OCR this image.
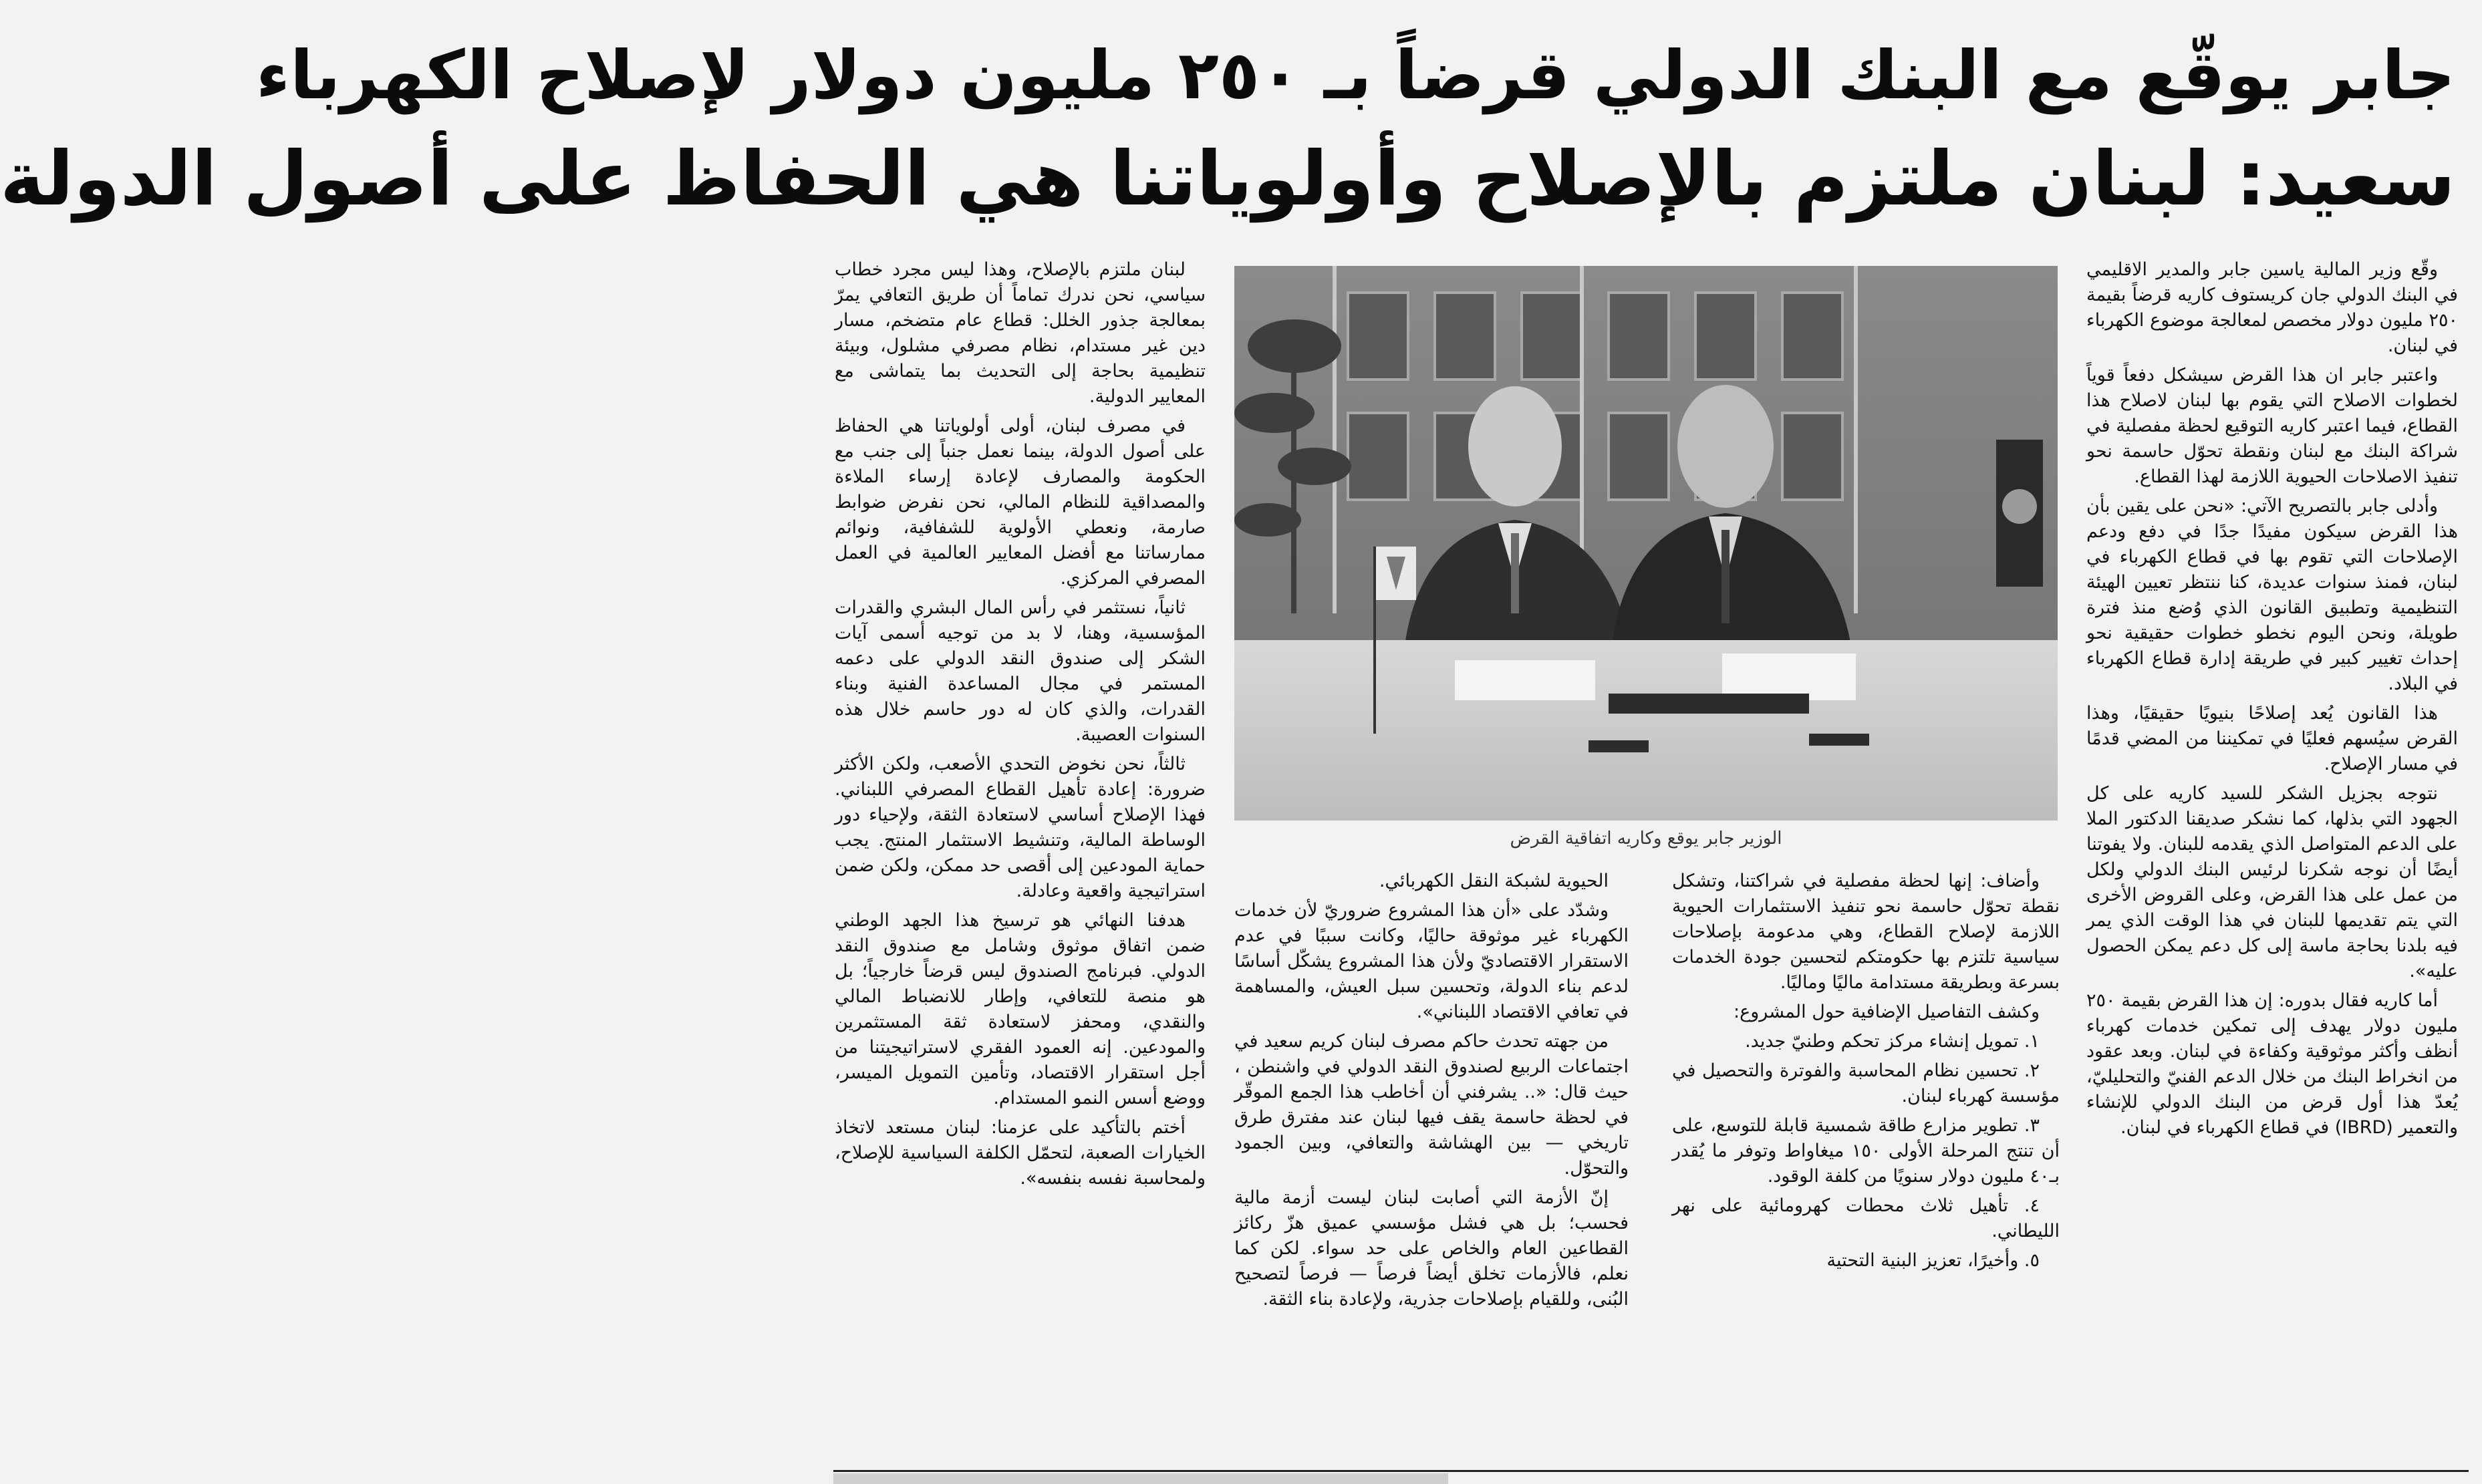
جابر يوقّع مع البنك الدولي قرضاً بـ ٢٥٠ مليون دولار لإصلاح الكهرباء
سعيد: لبنان ملتزم بالإصلاح وأولوياتنا هي الحفاظ على أصول الدولة

وقّع وزير المالية ياسين جابر والمدير الاقليمي في البنك الدولي جان كريستوف كاريه قرضاً بقيمة ٢٥٠ مليون دولار مخصص لمعالجة موضوع الكهرباء في لبنان.

واعتبر جابر ان هذا القرض سيشكل دفعاً قوياً لخطوات الاصلاح التي يقوم بها لبنان لاصلاح هذا القطاع، فيما اعتبر كاريه التوقيع لحظة مفصلية في شراكة البنك مع لبنان ونقطة تحوّل حاسمة نحو تنفيذ الاصلاحات الحيوية اللازمة لهذا القطاع.

وأدلى جابر بالتصريح الآتي: «نحن على يقين بأن هذا القرض سيكون مفيدًا جدًا في دفع ودعم الإصلاحات التي تقوم بها في قطاع الكهرباء في لبنان، فمنذ سنوات عديدة، كنا ننتظر تعيين الهيئة التنظيمية وتطبيق القانون الذي وُضع منذ فترة طويلة، ونحن اليوم نخطو خطوات حقيقية نحو إحداث تغيير كبير في طريقة إدارة قطاع الكهرباء في البلاد.

هذا القانون يُعد إصلاحًا بنيويًا حقيقيًا، وهذا القرض سيُسهم فعليًا في تمكيننا من المضي قدمًا في مسار الإصلاح.

نتوجه بجزيل الشكر للسيد كاريه على كل الجهود التي بذلها، كما نشكر صديقنا الدكتور الملا على الدعم المتواصل الذي يقدمه للبنان. ولا يفوتنا أيضًا أن نوجه شكرنا لرئيس البنك الدولي ولكل من عمل على هذا القرض، وعلى القروض الأخرى التي يتم تقديمها للبنان في هذا الوقت الذي يمر فيه بلدنا بحاجة ماسة إلى كل دعم يمكن الحصول عليه».

أما كاريه فقال بدوره: إن هذا القرض بقيمة ٢٥٠ مليون دولار يهدف إلى تمكين خدمات كهرباء أنظف وأكثر موثوقية وكفاءة في لبنان. وبعد عقود من انخراط البنك من خلال الدعم الفنيّ والتحليليّ، يُعدّ هذا أول قرض من البنك الدولي للإنشاء والتعمير (IBRD) في قطاع الكهرباء في لبنان.

الوزير جابر يوقع وكاريه اتفاقية القرض

وأضاف: إنها لحظة مفصلية في شراكتنا، وتشكل نقطة تحوّل حاسمة نحو تنفيذ الاستثمارات الحيوية اللازمة لإصلاح القطاع، وهي مدعومة بإصلاحات سياسية تلتزم بها حكومتكم لتحسين جودة الخدمات بسرعة وبطريقة مستدامة ماليًا وماليًا.

وكشف التفاصيل الإضافية حول المشروع:

١. تمويل إنشاء مركز تحكم وطنيّ جديد.

٢. تحسين نظام المحاسبة والفوترة والتحصيل في مؤسسة كهرباء لبنان.

٣. تطوير مزارع طاقة شمسية قابلة للتوسع، على أن تنتج المرحلة الأولى ١٥٠ ميغاواط وتوفر ما يُقدر بـ٤٠ مليون دولار سنويًا من كلفة الوقود.

٤. تأهيل ثلاث محطات كهرومائية على نهر الليطاني.

٥. وأخيرًا، تعزيز البنية التحتية

الحيوية لشبكة النقل الكهربائي.

وشدّد على «أن هذا المشروع ضروريّ لأن خدمات الكهرباء غير موثوقة حاليًا، وكانت سببًا في عدم الاستقرار الاقتصاديّ ولأن هذا المشروع يشكّل أساسًا لدعم بناء الدولة، وتحسين سبل العيش، والمساهمة في تعافي الاقتصاد اللبناني».

من جهته تحدث حاكم مصرف لبنان كريم سعيد في اجتماعات الربيع لصندوق النقد الدولي في واشنطن ، حيث قال: «.. يشرفني أن أخاطب هذا الجمع الموقّر في لحظة حاسمة يقف فيها لبنان عند مفترق طرق تاريخي — بين الهشاشة والتعافي، وبين الجمود والتحوّل.

إنّ الأزمة التي أصابت لبنان ليست أزمة مالية فحسب؛ بل هي فشل مؤسسي عميق هزّ ركائز القطاعين العام والخاص على حد سواء. لكن كما نعلم، فالأزمات تخلق أيضاً فرصاً — فرصاً لتصحيح البُنى، وللقيام بإصلاحات جذرية، ولإعادة بناء الثقة.

لبنان ملتزم بالإصلاح، وهذا ليس مجرد خطاب سياسي، نحن ندرك تماماً أن طريق التعافي يمرّ بمعالجة جذور الخلل: قطاع عام متضخم، مسار دين غير مستدام، نظام مصرفي مشلول، وبيئة تنظيمية بحاجة إلى التحديث بما يتماشى مع المعايير الدولية.

في مصرف لبنان، أولى أولوياتنا هي الحفاظ على أصول الدولة، بينما نعمل جنباً إلى جنب مع الحكومة والمصارف لإعادة إرساء الملاءة والمصداقية للنظام المالي، نحن نفرض ضوابط صارمة، ونعطي الأولوية للشفافية، ونوائم ممارساتنا مع أفضل المعايير العالمية في العمل المصرفي المركزي.

ثانياً، نستثمر في رأس المال البشري والقدرات المؤسسية، وهنا، لا بد من توجيه أسمى آيات الشكر إلى صندوق النقد الدولي على دعمه المستمر في مجال المساعدة الفنية وبناء القدرات، والذي كان له دور حاسم خلال هذه السنوات العصيبة.

ثالثاً، نحن نخوض التحدي الأصعب، ولكن الأكثر ضرورة: إعادة تأهيل القطاع المصرفي اللبناني. فهذا الإصلاح أساسي لاستعادة الثقة، ولإحياء دور الوساطة المالية، وتنشيط الاستثمار المنتج. يجب حماية المودعين إلى أقصى حد ممكن، ولكن ضمن استراتيجية واقعية وعادلة.

هدفنا النهائي هو ترسيخ هذا الجهد الوطني ضمن اتفاق موثوق وشامل مع صندوق النقد الدولي. فبرنامج الصندوق ليس قرضاً خارجياً؛ بل هو منصة للتعافي، وإطار للانضباط المالي والنقدي، ومحفز لاستعادة ثقة المستثمرين والمودعين. إنه العمود الفقري لاستراتيجيتنا من أجل استقرار الاقتصاد، وتأمين التمويل الميسر، ووضع أسس النمو المستدام.

أختم بالتأكيد على عزمنا: لبنان مستعد لاتخاذ الخيارات الصعبة، لتحمّل الكلفة السياسية للإصلاح، ولمحاسبة نفسه بنفسه».
